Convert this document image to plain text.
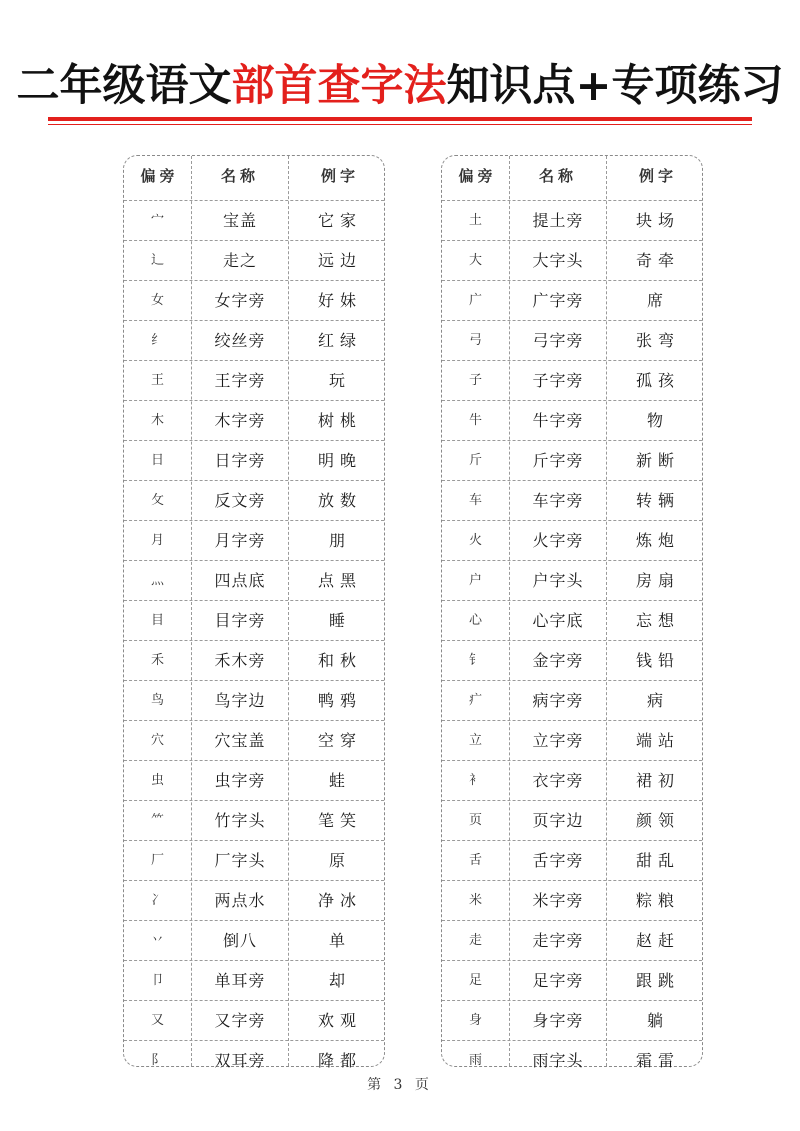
二年级语文部首查字法知识点+专项练习
偏旁	名称	例字
宀	宝盖	它家
辶	走之	远边
女	女字旁	好妹
纟	绞丝旁	红绿
王	王字旁	玩
木	木字旁	树桃
日	日字旁	明晚
攵	反文旁	放数
月	月字旁	朋
灬	四点底	点黑
目	目字旁	睡
禾	禾木旁	和秋
鸟	鸟字边	鸭鸦
穴	穴宝盖	空穿
虫	虫字旁	蛙
⺮	竹字头	笔笑
厂	厂字头	原
冫	两点水	净冰
丷	倒八	单
卩	单耳旁	却
又	又字旁	欢观
阝	双耳旁	降都
偏旁	名称	例字
土	提土旁	块场
大	大字头	奇牵
广	广字旁	席
弓	弓字旁	张弯
子	子字旁	孤孩
牛	牛字旁	物
斤	斤字旁	新断
车	车字旁	转辆
火	火字旁	炼炮
户	户字头	房扇
心	心字底	忘想
钅	金字旁	钱铅
疒	病字旁	病
立	立字旁	端站
衤	衣字旁	裙初
页	页字边	颜领
舌	舌字旁	甜乱
米	米字旁	粽粮
走	走字旁	赵赶
足	足字旁	跟跳
身	身字旁	躺
雨	雨字头	霜雷
第 3 页
